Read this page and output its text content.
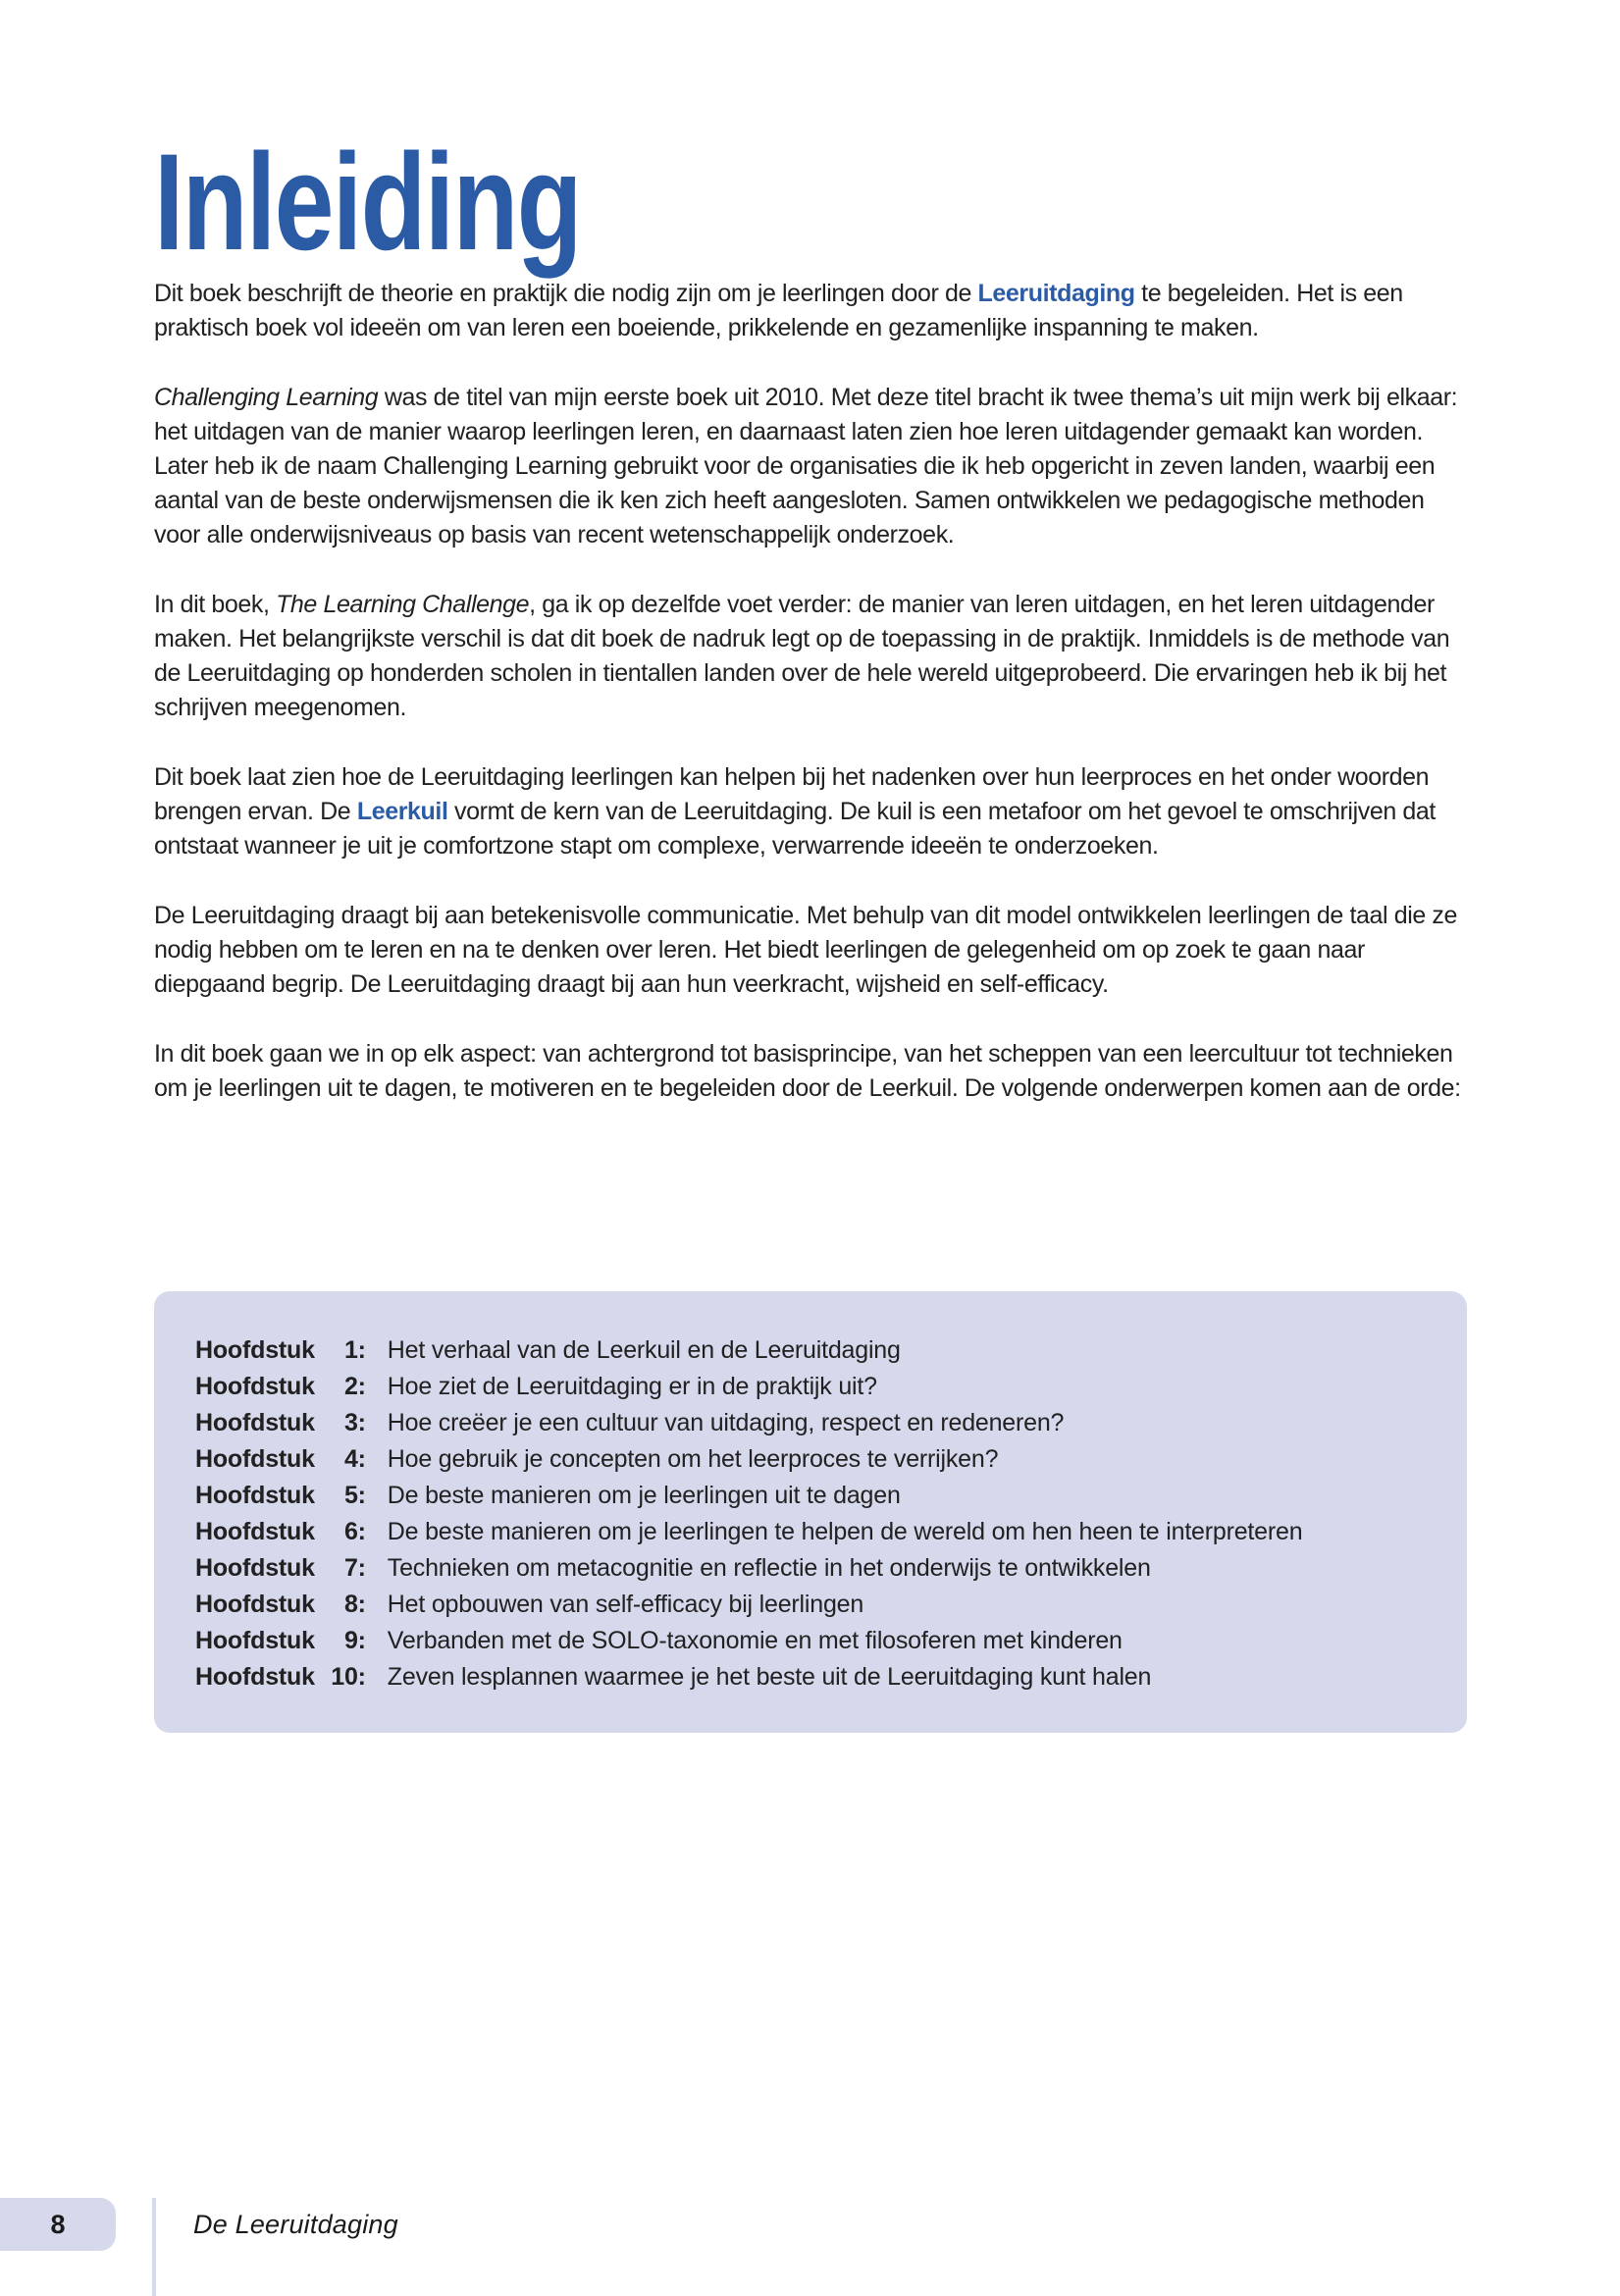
Inleiding

Dit boek beschrijft de theorie en praktijk die nodig zijn om je leerlingen door de Leeruitdaging te begeleiden. Het is een praktisch boek vol ideeën om van leren een boeiende, prikkelende en gezamenlijke inspanning te maken.

Challenging Learning was de titel van mijn eerste boek uit 2010. Met deze titel bracht ik twee thema’s uit mijn werk bij elkaar: het uitdagen van de manier waarop leerlingen leren, en daarnaast laten zien hoe leren uitdagender gemaakt kan worden. Later heb ik de naam Challenging Learning gebruikt voor de organisaties die ik heb opgericht in zeven landen, waarbij een aantal van de beste onderwijsmensen die ik ken zich heeft aangesloten. Samen ontwikkelen we pedagogische methoden voor alle onderwijsniveaus op basis van recent wetenschappelijk onderzoek.

In dit boek, The Learning Challenge, ga ik op dezelfde voet verder: de manier van leren uitdagen, en het leren uitdagender maken. Het belangrijkste verschil is dat dit boek de nadruk legt op de toepassing in de praktijk. Inmiddels is de methode van de Leeruitdaging op honderden scholen in tientallen landen over de hele wereld uitgeprobeerd. Die ervaringen heb ik bij het schrijven meegenomen.

Dit boek laat zien hoe de Leeruitdaging leerlingen kan helpen bij het nadenken over hun leerproces en het onder woorden brengen ervan. De Leerkuil vormt de kern van de Leeruitdaging. De kuil is een metafoor om het gevoel te omschrijven dat ontstaat wanneer je uit je comfortzone stapt om complexe, verwarrende ideeën te onderzoeken.

De Leeruitdaging draagt bij aan betekenisvolle communicatie. Met behulp van dit model ontwikkelen leerlingen de taal die ze nodig hebben om te leren en na te denken over leren. Het biedt leerlingen de gelegenheid om op zoek te gaan naar diepgaand begrip. De Leeruitdaging draagt bij aan hun veerkracht, wijsheid en self-efficacy.

In dit boek gaan we in op elk aspect: van achtergrond tot basisprincipe, van het scheppen van een leercultuur tot technieken om je leerlingen uit te dagen, te motiveren en te begeleiden door de Leerkuil. De volgende onderwerpen komen aan de orde:

Hoofdstuk	1: Het verhaal van de Leerkuil en de Leeruitdaging
Hoofdstuk	2: Hoe ziet de Leeruitdaging er in de praktijk uit?
Hoofdstuk	3: Hoe creëer je een cultuur van uitdaging, respect en redeneren?
Hoofdstuk	4: Hoe gebruik je concepten om het leerproces te verrijken?
Hoofdstuk	5: De beste manieren om je leerlingen uit te dagen
Hoofdstuk	6: De beste manieren om je leerlingen te helpen de wereld om hen heen te interpreteren
Hoofdstuk	7: Technieken om metacognitie en reflectie in het onderwijs te ontwikkelen
Hoofdstuk	8: Het opbouwen van self-efficacy bij leerlingen
Hoofdstuk	9: Verbanden met de SOLO-taxonomie en met filosoferen met kinderen
Hoofdstuk 10: Zeven lesplannen waarmee je het beste uit de Leeruitdaging kunt halen
8	De Leeruitdaging
